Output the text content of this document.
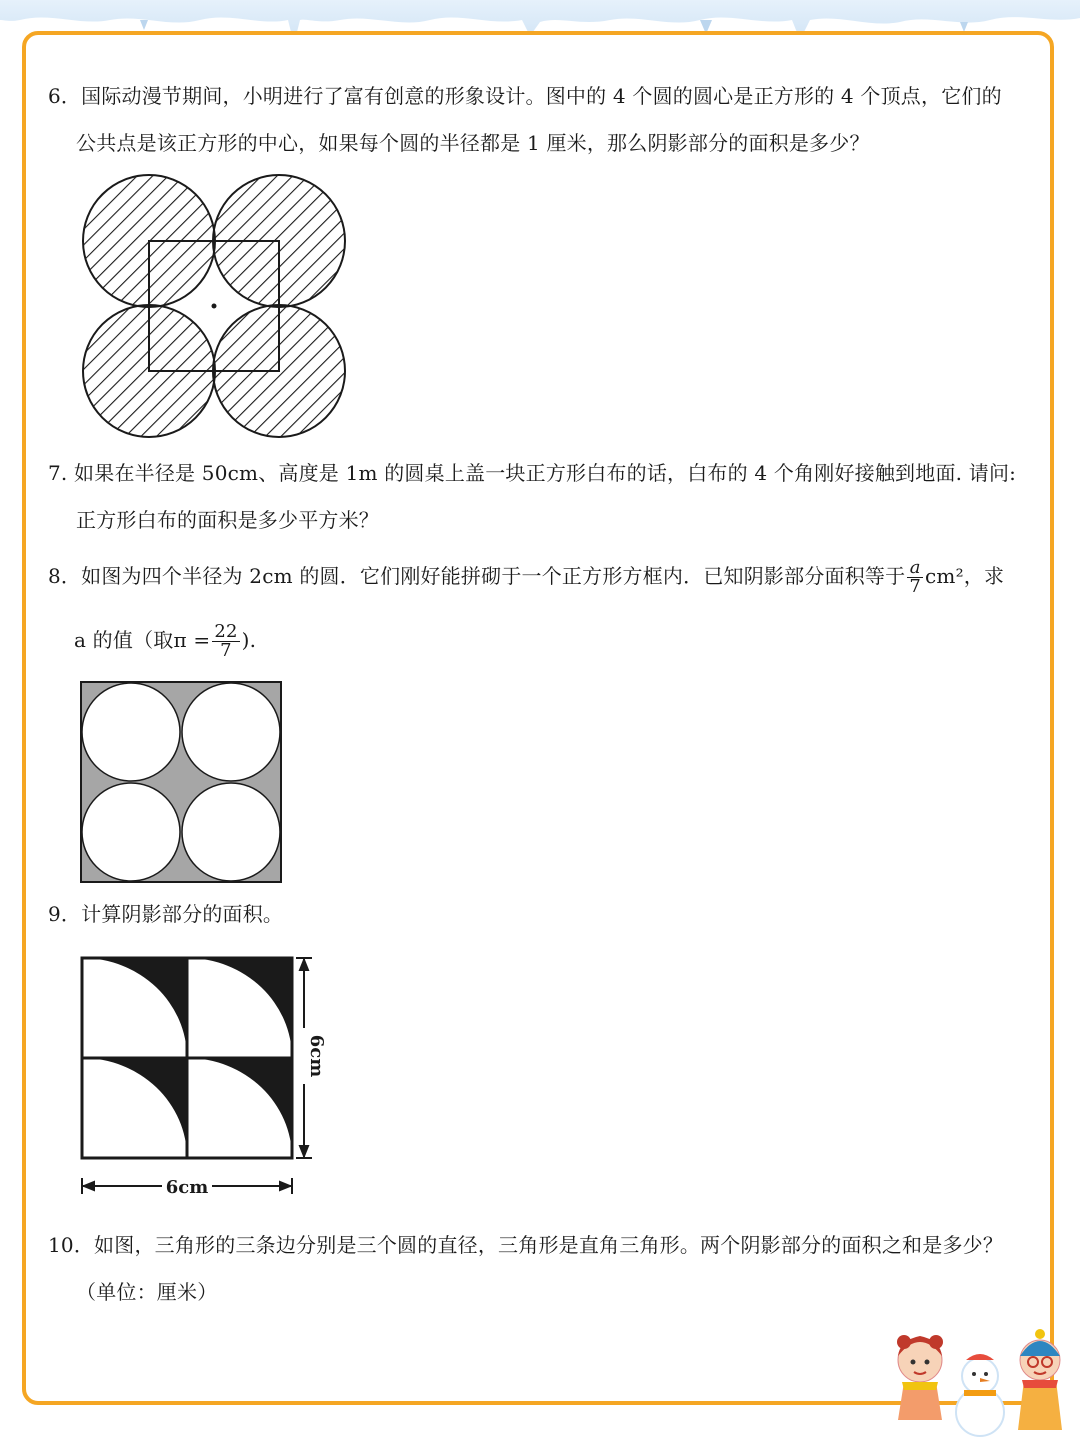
6．国际动漫节期间，小明进行了富有创意的形象设计。图中的 4 个圆的圆心是正方形的 4 个顶点，它们的
公共点是该正方形的中心，如果每个圆的半径都是 1 厘米，那么阴影部分的面积是多少？
7. 如果在半径是 50cm、高度是 1m 的圆桌上盖一块正方形白布的话，白布的 4 个角刚好接触到地面. 请问:
正方形白布的面积是多少平方米？
8．如图为四个半径为 2cm 的圆．它们刚好能拼砌于一个正方形方框内．已知阴影部分面积等于 $\frac{a}{7} cm^2$，求
a 的值（取$\pi = \frac{22}{7}$ ).
9．计算阴影部分的面积。
6cm
6cm
10．如图，三角形的三条边分别是三个圆的直径，三角形是直角三角形。两个阴影部分的面积之和是多少？
（单位：厘米）
